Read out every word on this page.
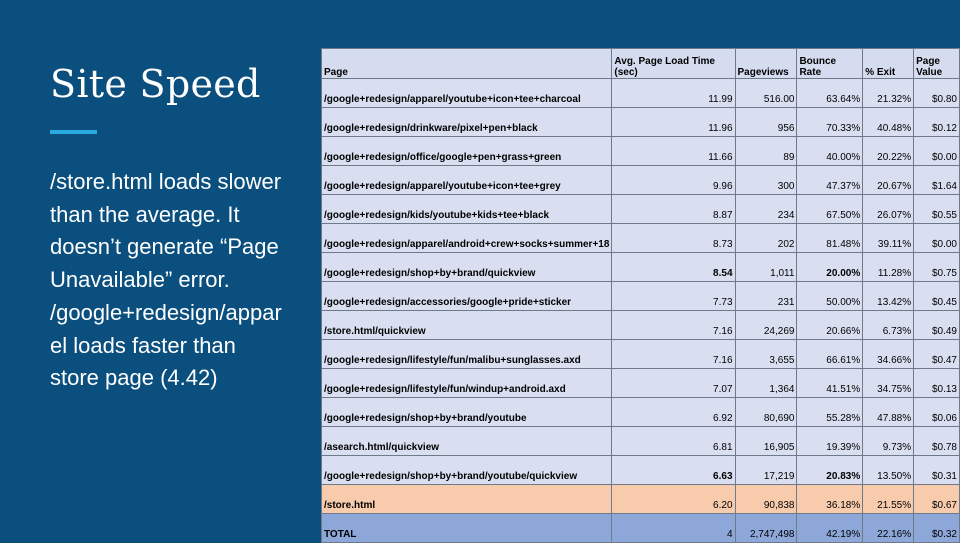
Site Speed
/store.html loads slower than the average. It doesn’t generate “Page Unavailable” error. /google+redesign/apparel loads faster than store page (4.42)
Page	Avg. Page Load Time (sec)	Pageviews	Bounce Rate	% Exit	Page Value
/google+redesign/apparel/youtube+icon+tee+charcoal	11.99	516.00	63.64%	21.32%	$0.80
/google+redesign/drinkware/pixel+pen+black	11.96	956	70.33%	40.48%	$0.12
/google+redesign/office/google+pen+grass+green	11.66	89	40.00%	20.22%	$0.00
/google+redesign/apparel/youtube+icon+tee+grey	9.96	300	47.37%	20.67%	$1.64
/google+redesign/kids/youtube+kids+tee+black	8.87	234	67.50%	26.07%	$0.55
/google+redesign/apparel/android+crew+socks+summer+18	8.73	202	81.48%	39.11%	$0.00
/google+redesign/shop+by+brand/quickview	8.54	1,011	20.00%	11.28%	$0.75
/google+redesign/accessories/google+pride+sticker	7.73	231	50.00%	13.42%	$0.45
/store.html/quickview	7.16	24,269	20.66%	6.73%	$0.49
/google+redesign/lifestyle/fun/malibu+sunglasses.axd	7.16	3,655	66.61%	34.66%	$0.47
/google+redesign/lifestyle/fun/windup+android.axd	7.07	1,364	41.51%	34.75%	$0.13
/google+redesign/shop+by+brand/youtube	6.92	80,690	55.28%	47.88%	$0.06
/asearch.html/quickview	6.81	16,905	19.39%	9.73%	$0.78
/google+redesign/shop+by+brand/youtube/quickview	6.63	17,219	20.83%	13.50%	$0.31
/store.html	6.20	90,838	36.18%	21.55%	$0.67
TOTAL	4	2,747,498	42.19%	22.16%	$0.32
